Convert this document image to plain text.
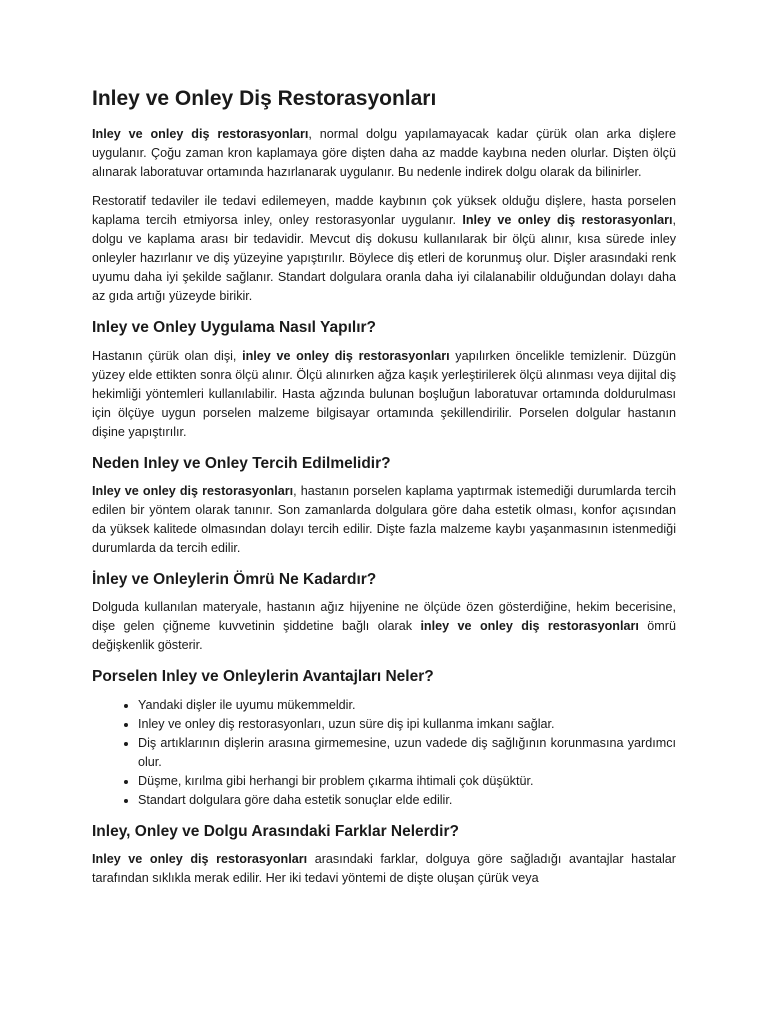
Inley ve Onley Diş Restorasyonları

Inley ve onley diş restorasyonları, normal dolgu yapılamayacak kadar çürük olan arka dişlere uygulanır. Çoğu zaman kron kaplamaya göre dişten daha az madde kaybına neden olurlar. Dişten ölçü alınarak laboratuvar ortamında hazırlanarak uygulanır. Bu nedenle indirek dolgu olarak da bilinirler.

Restoratif tedaviler ile tedavi edilemeyen, madde kaybının çok yüksek olduğu dişlere, hasta porselen kaplama tercih etmiyorsa inley, onley restorasyonlar uygulanır. Inley ve onley diş restorasyonları, dolgu ve kaplama arası bir tedavidir. Mevcut diş dokusu kullanılarak bir ölçü alınır, kısa sürede inley onleyler hazırlanır ve diş yüzeyine yapıştırılır. Böylece diş etleri de korunmuş olur. Dişler arasındaki renk uyumu daha iyi şekilde sağlanır. Standart dolgulara oranla daha iyi cilalanabilir olduğundan dolayı daha az gıda artığı yüzeyde birikir.

Inley ve Onley Uygulama Nasıl Yapılır?

Hastanın çürük olan dişi, inley ve onley diş restorasyonları yapılırken öncelikle temizlenir. Düzgün yüzey elde ettikten sonra ölçü alınır. Ölçü alınırken ağza kaşık yerleştirilerek ölçü alınması veya dijital diş hekimliği yöntemleri kullanılabilir. Hasta ağzında bulunan boşluğun laboratuvar ortamında doldurulması için ölçüye uygun porselen malzeme bilgisayar ortamında şekillendirilir. Porselen dolgular hastanın dişine yapıştırılır.

Neden Inley ve Onley Tercih Edilmelidir?

Inley ve onley diş restorasyonları, hastanın porselen kaplama yaptırmak istemediği durumlarda tercih edilen bir yöntem olarak tanınır. Son zamanlarda dolgulara göre daha estetik olması, konfor açısından da yüksek kalitede olmasından dolayı tercih edilir. Dişte fazla malzeme kaybı yaşanmasının istenmediği durumlarda da tercih edilir.

İnley ve Onleylerin Ömrü Ne Kadardır?

Dolguda kullanılan materyale, hastanın ağız hijyenine ne ölçüde özen gösterdiğine, hekim becerisine, dişe gelen çiğneme kuvvetinin şiddetine bağlı olarak inley ve onley diş restorasyonları ömrü değişkenlik gösterir.

Porselen Inley ve Onleylerin Avantajları Neler?
• Yandaki dişler ile uyumu mükemmeldir.
• Inley ve onley diş restorasyonları, uzun süre diş ipi kullanma imkanı sağlar.
• Diş artıklarının dişlerin arasına girmemesine, uzun vadede diş sağlığının korunmasına yardımcı olur.
• Düşme, kırılma gibi herhangi bir problem çıkarma ihtimali çok düşüktür.
• Standart dolgulara göre daha estetik sonuçlar elde edilir.
Inley, Onley ve Dolgu Arasındaki Farklar Nelerdir?

Inley ve onley diş restorasyonları arasındaki farklar, dolguya göre sağladığı avantajlar hastalar tarafından sıklıkla merak edilir. Her iki tedavi yöntemi de dişte oluşan çürük veya
